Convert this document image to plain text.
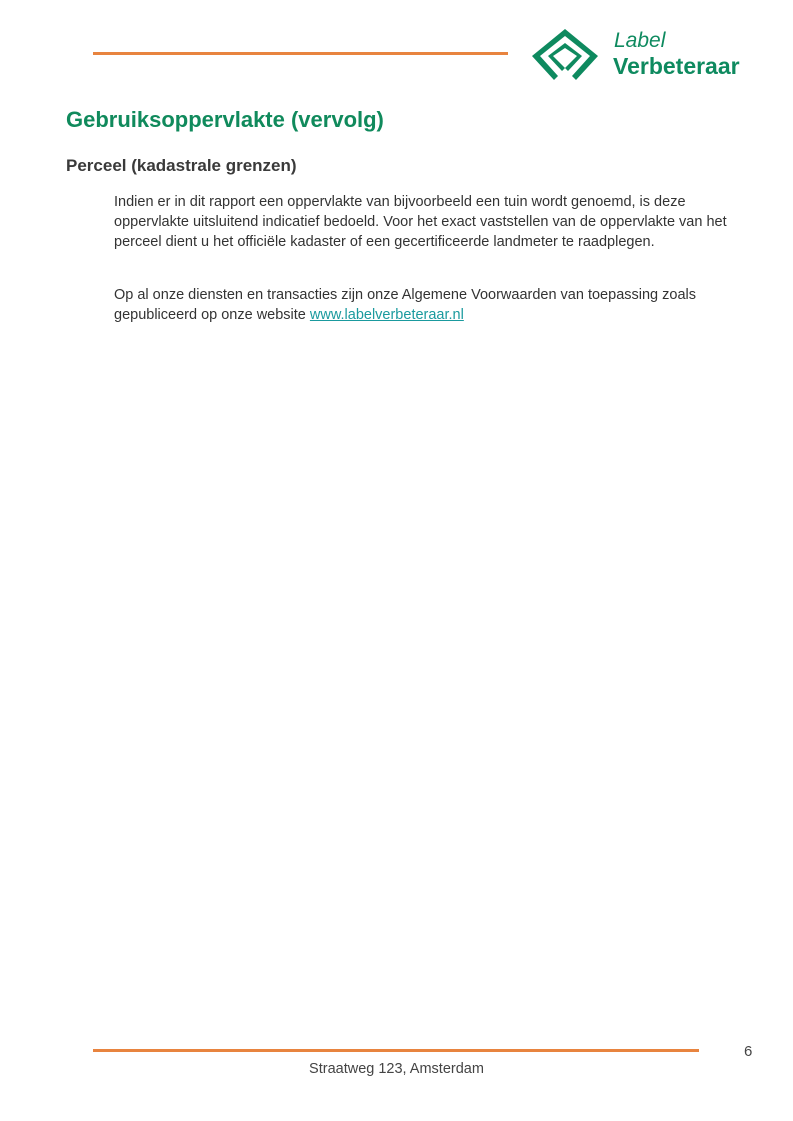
Label
Verbeteraar
Gebruiksoppervlakte (vervolg)
Perceel (kadastrale grenzen)

Indien er in dit rapport een oppervlakte van bijvoorbeeld een tuin wordt genoemd, is deze oppervlakte uitsluitend indicatief bedoeld. Voor het exact vaststellen van de oppervlakte van het perceel dient u het officiële kadaster of een gecertificeerde landmeter te raadplegen.

Op al onze diensten en transacties zijn onze Algemene Voorwaarden van toepassing zoals gepubliceerd op onze website www.labelverbeteraar.nl

6
Straatweg 123, Amsterdam
